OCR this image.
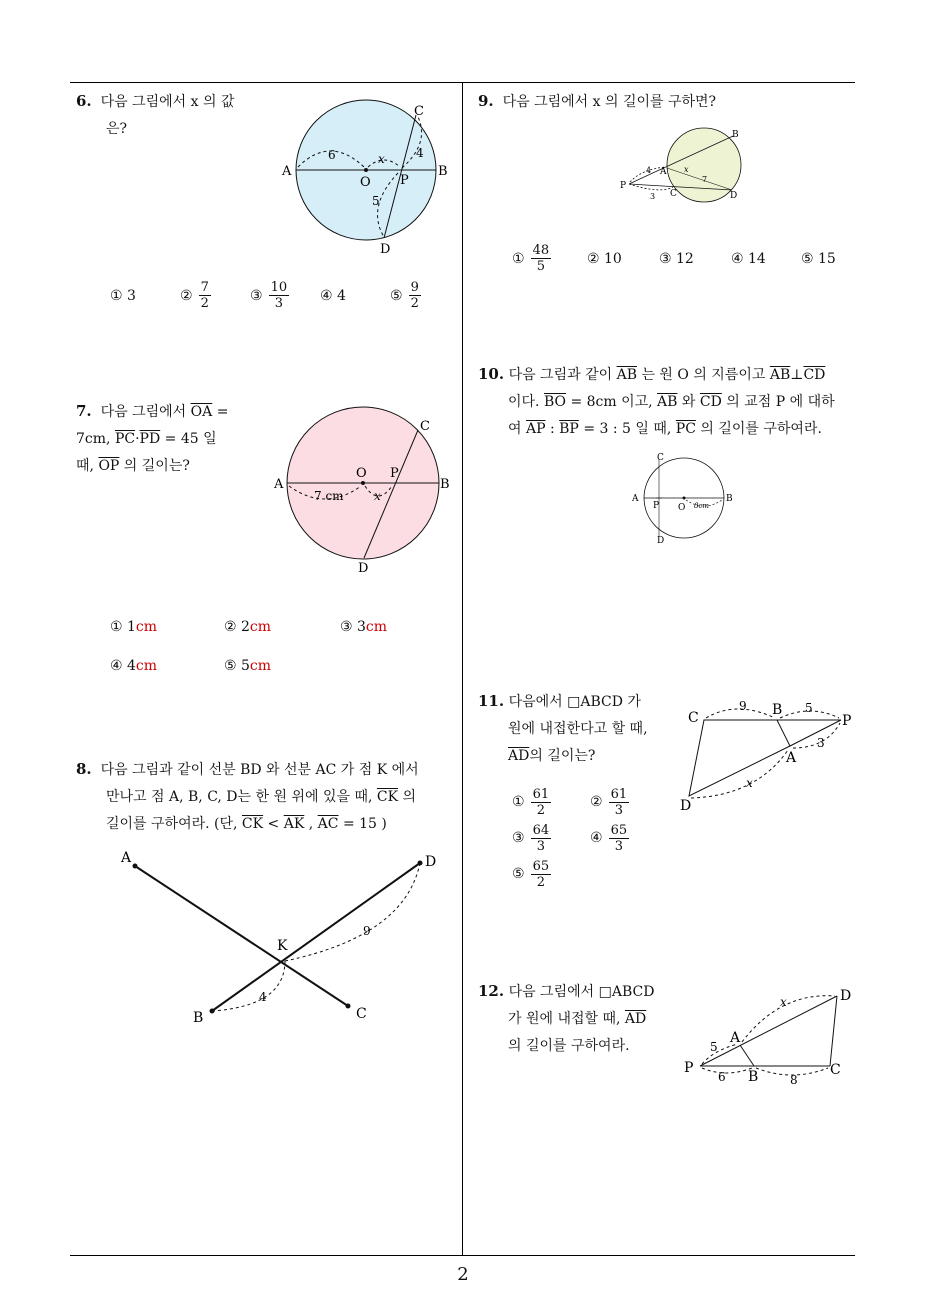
2
6. 다음 그림에서 x 의 값
은?
C
A
O P
B
D
6	x	4
5
① 3	② $\frac{7}{2}$	③ $\frac{10}{3}$ ④ 4	⑤ $\frac{9}{2}$
7. 다음 그림에서 $\overline{OA}$ =
7cm, $\overline{PC}\cdot\overline{PD} = 45$ 일
때, $\overline{OP}$ 의 길이는?
C
A
O P
B
D
7 cm	x
① 1cm	② 2cm	③ 3cm
④ 4cm	⑤ 5cm
8. 다음 그림과 같이 선분 BD 와 선분 AC 가 점 K 에서
만나고 점 A, B, C, D는 한 원 위에 있을 때, $\overline{CK}$ 의
길이를 구하여라. (단, $\overline{CK} < \overline{AK}$ , $\overline{AC} = 15$ )
A	D
K
B	C
9
4
9. 다음 그림에서 x 의 길이를 구하면?
B
A
P
C	D
4	x
7
3
① $\frac{48}{5}$	② 10	③ 12	④ 14	⑤ 15
10. 다음 그림과 같이 $\overline{AB}$ 는 원 O 의 지름이고 $\overline{AB}\perp\overline{CD}$
이다. $\overline{BO} = 8cm$ 이고, $\overline{AB}$ 와 $\overline{CD}$ 의 교점 P 에 대하
여 $\overline{AP}$ : $\overline{BP} = 3$ : 5 일 때, $\overline{PC}$ 의 길이를 구하여라.
C
A
P O 8cm
B
D
11. 다음에서 □ABCD 가
원에 내접한다고 할 때,
$\overline{AD}$의 길이는?
① $\frac{61}{2}$	② $\frac{61}{3}$
③ $\frac{64}{3}$	④ $\frac{65}{3}$
⑤ $\frac{65}{2}$
C
9 B 5
P
A
3
x
D
12. 다음 그림에서 □ABCD
가 원에 내접할 때, $\overline{AD}$
의 길이를 구하여라.
x	D
5
A
P
6 B	8
C
